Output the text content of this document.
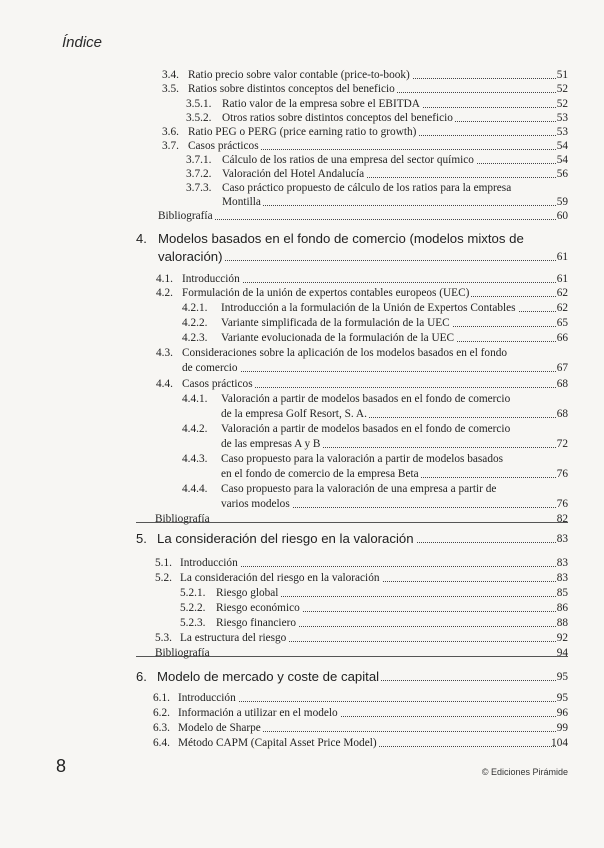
Índice
3.4. Ratio precio sobre valor contable (price-to-book)	51
3.5. Ratios sobre distintos conceptos del beneficio	52
3.5.1. Ratio valor de la empresa sobre el EBITDA	52
3.5.2. Otros ratios sobre distintos conceptos del beneficio	53
3.6. Ratio PEG o PERG (price earning ratio to growth)	53
3.7. Casos prácticos	54
3.7.1. Cálculo de los ratios de una empresa del sector químico	54
3.7.2. Valoración del Hotel Andalucía	56
3.7.3. Caso práctico propuesto de cálculo de los ratios para la empresa
Montilla	59
Bibliografía	60
4. Modelos basados en el fondo de comercio (modelos mixtos de
valoración)	61
4.1. Introducción	61
4.2. Formulación de la unión de expertos contables europeos (UEC)	62
4.2.1. Introducción a la formulación de la Unión de Expertos Contables	62
4.2.2. Variante simplificada de la formulación de la UEC	65
4.2.3. Variante evolucionada de la formulación de la UEC	66
4.3. Consideraciones sobre la aplicación de los modelos basados en el fondo
de comercio	67
4.4. Casos prácticos	68
4.4.1. Valoración a partir de modelos basados en el fondo de comercio
de la empresa Golf Resort, S. A.	68
4.4.2. Valoración a partir de modelos basados en el fondo de comercio
de las empresas A y B	72
4.4.3. Caso propuesto para la valoración a partir de modelos basados
en el fondo de comercio de la empresa Beta	76
4.4.4. Caso propuesto para la valoración de una empresa a partir de
varios modelos	76
Bibliografía	82
5. La consideración del riesgo en la valoración	83
5.1. Introducción	83
5.2. La consideración del riesgo en la valoración	83
5.2.1. Riesgo global	85
5.2.2. Riesgo económico	86
5.2.3. Riesgo financiero	88
5.3. La estructura del riesgo	92
Bibliografía	94
6. Modelo de mercado y coste de capital	95
6.1. Introducción	95
6.2. Información a utilizar en el modelo	96
6.3. Modelo de Sharpe	99
6.4. Método CAPM (Capital Asset Price Model)	104
8	© Ediciones Pirámide
